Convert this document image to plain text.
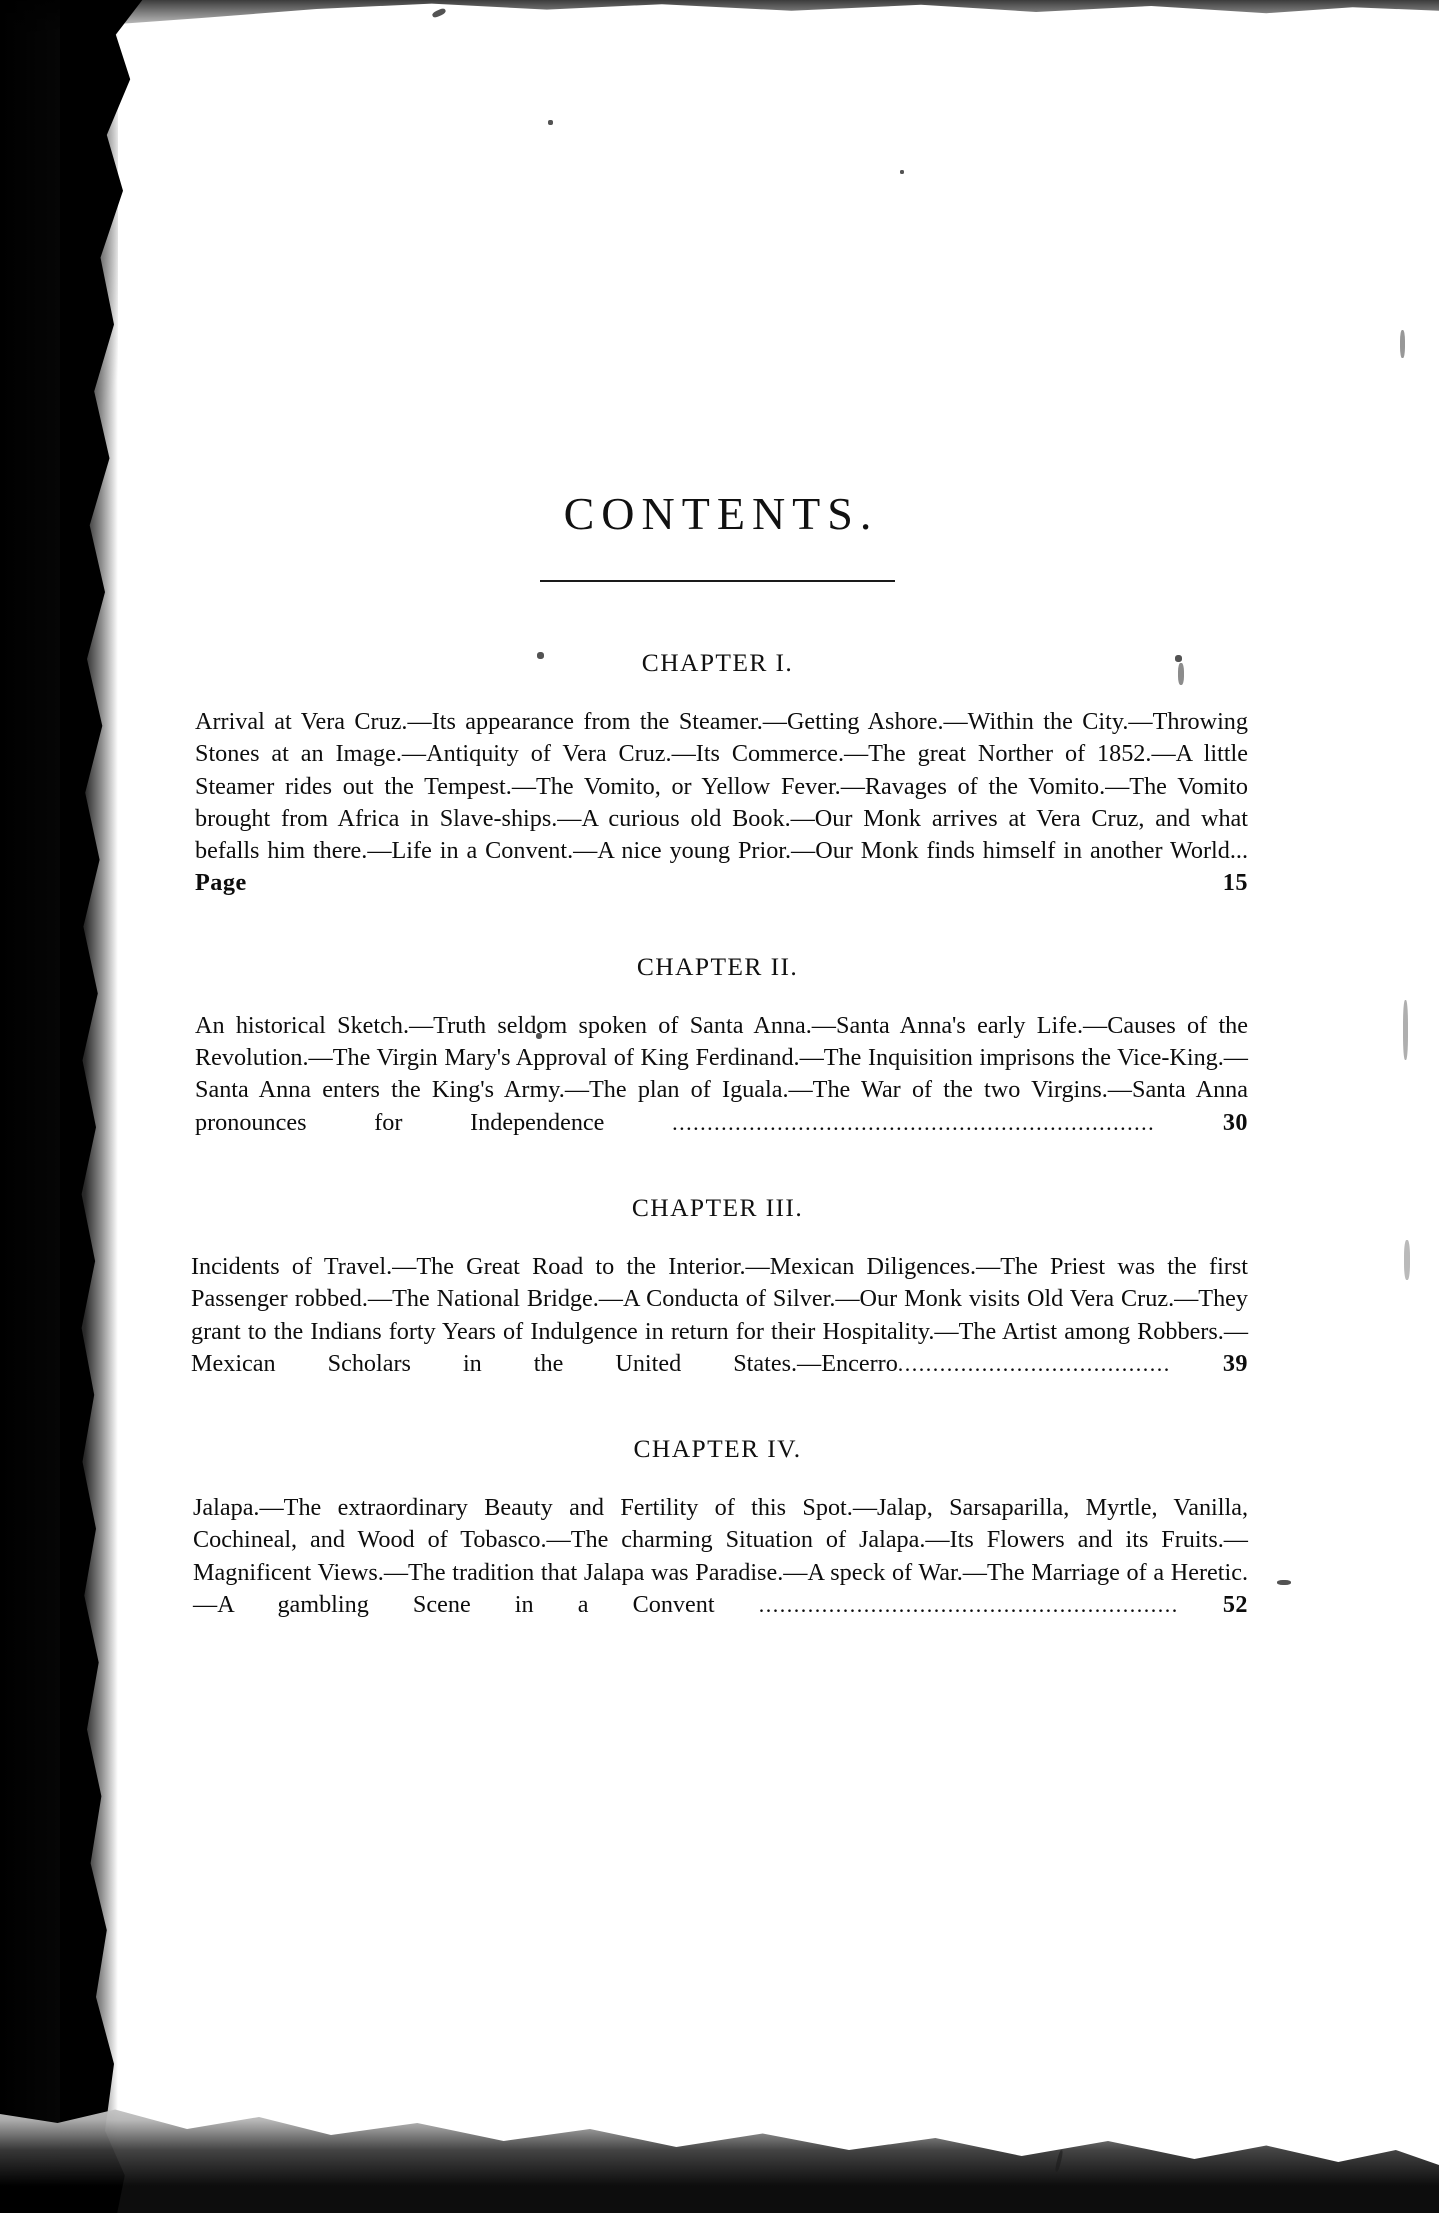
CONTENTS.
CHAPTER I.

Arrival at Vera Cruz.—Its appearance from the Steamer.—Getting Ashore.—Within the City.—Throwing Stones at an Image.—Antiquity of Vera Cruz.—Its Commerce.—The great Norther of 1852.—A little Steamer rides out the Tempest.—The Vomito, or Yellow Fever.—Ravages of the Vomito.—The Vomito brought from Africa in Slave-ships.—A curious old Book.—Our Monk arrives at Vera Cruz, and what befalls him there.—Life in a Convent.—A nice young Prior.—Our Monk finds himself in another World... Page 15

CHAPTER II.

An historical Sketch.—Truth seldom spoken of Santa Anna.—Santa Anna's early Life.—Causes of the Revolution.—The Virgin Mary's Approval of King Ferdinand.—The Inquisition imprisons the Vice-King.—Santa Anna enters the King's Army.—The plan of Iguala.—The War of the two Virgins.—Santa Anna pronounces for Independence	.....................................................................	30

CHAPTER III.

Incidents of Travel.—The Great Road to the Interior.—Mexican Diligences.—The Priest was the first Passenger robbed.—The National Bridge.—A Conducta of Silver.—Our Monk visits Old Vera Cruz.—They grant to the Indians forty Years of Indulgence in return for their Hospitality.—The Artist among Robbers.—Mexican Scholars in the United States.—Encerro....................................... 39

CHAPTER IV.

Jalapa.—The extraordinary Beauty and Fertility of this Spot.—Jalap, Sarsaparilla, Myrtle, Vanilla, Cochineal, and Wood of Tobasco.—The charming Situation of Jalapa.—Its Flowers and its Fruits.—Magnificent Views.—The tradition that Jalapa was Paradise.—A speck of War.—The Marriage of a Heretic.—A gambling Scene in a Convent ............................................................ 52
